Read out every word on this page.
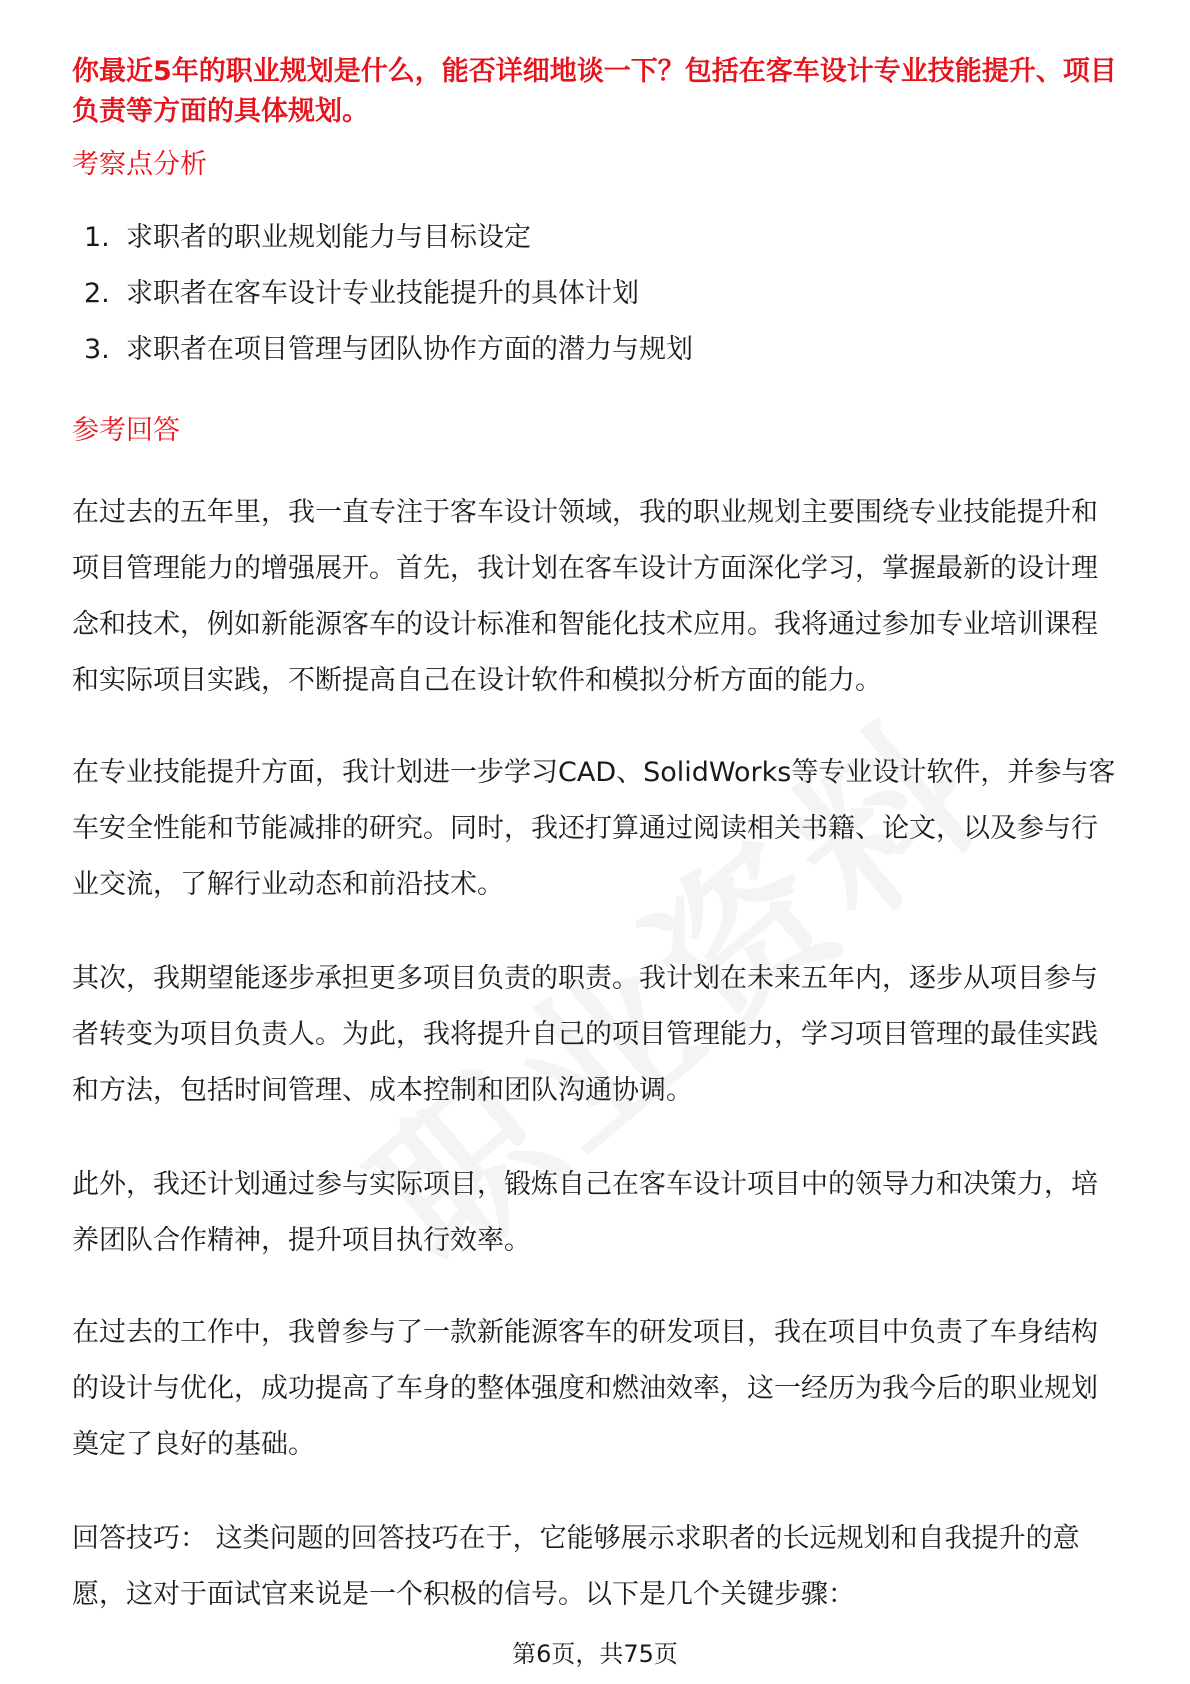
你最近5年的职业规划是什么，能否详细地谈一下？包括在客车设计专业技能提升、项目负责等方面的具体规划。

考察点分析
1. 求职者的职业规划能力与目标设定
2. 求职者在客车设计专业技能提升的具体计划
3. 求职者在项目管理与团队协作方面的潜力与规划
参考回答

在过去的五年里，我一直专注于客车设计领域，我的职业规划主要围绕专业技能提升和项目管理能力的增强展开。首先，我计划在客车设计方面深化学习，掌握最新的设计理念和技术，例如新能源客车的设计标准和智能化技术应用。我将通过参加专业培训课程和实际项目实践，不断提高自己在设计软件和模拟分析方面的能力。

在专业技能提升方面，我计划进一步学习CAD、SolidWorks等专业设计软件，并参与客车安全性能和节能减排的研究。同时，我还打算通过阅读相关书籍、论文，以及参与行业交流，了解行业动态和前沿技术。

其次，我期望能逐步承担更多项目负责的职责。我计划在未来五年内，逐步从项目参与者转变为项目负责人。为此，我将提升自己的项目管理能力，学习项目管理的最佳实践和方法，包括时间管理、成本控制和团队沟通协调。

此外，我还计划通过参与实际项目，锻炼自己在客车设计项目中的领导力和决策力，培养团队合作精神，提升项目执行效率。

在过去的工作中，我曾参与了一款新能源客车的研发项目，我在项目中负责了车身结构的设计与优化，成功提高了车身的整体强度和燃油效率，这一经历为我今后的职业规划奠定了良好的基础。

回答技巧： 这类问题的回答技巧在于，它能够展示求职者的长远规划和自我提升的意愿，这对于面试官来说是一个积极的信号。以下是几个关键步骤：

第6页，共75页
